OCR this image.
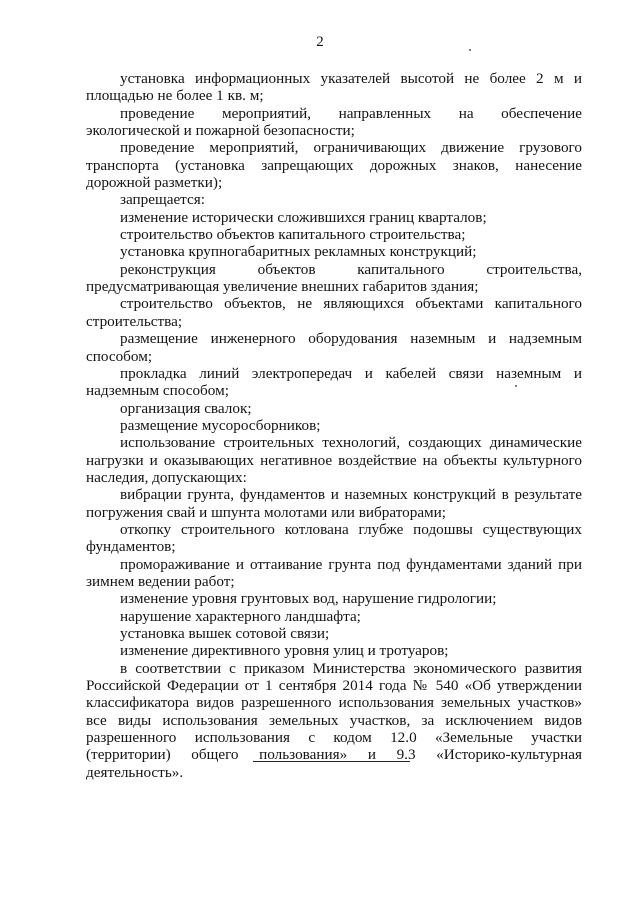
2

установка информационных указателей высотой не более 2 м и площадью не более 1 кв. м;

проведение мероприятий, направленных на обеспечение экологической и пожарной безопасности;

проведение мероприятий, ограничивающих движение грузового транспорта (установка запрещающих дорожных знаков, нанесение дорожной разметки);

запрещается:

изменение исторически сложившихся границ кварталов;

строительство объектов капитального строительства;

установка крупногабаритных рекламных конструкций;

реконструкция объектов капитального строительства, предусматривающая увеличение внешних габаритов здания;

строительство объектов, не являющихся объектами капитального строительства;

размещение инженерного оборудования наземным и надземным способом;

прокладка линий электропередач и кабелей связи наземным и надземным способом;

организация свалок;

размещение мусоросборников;

использование строительных технологий, создающих динамические нагрузки и оказывающих негативное воздействие на объекты культурного наследия, допускающих:

вибрации грунта, фундаментов и наземных конструкций в результате погружения свай и шпунта молотами или вибраторами;

откопку строительного котлована глубже подошвы существующих фундаментов;

промораживание и оттаивание грунта под фундаментами зданий при зимнем ведении работ;

изменение уровня грунтовых вод, нарушение гидрологии;

нарушение характерного ландшафта;

установка вышек сотовой связи;

изменение директивного уровня улиц и тротуаров;

в соответствии с приказом Министерства экономического развития Российской Федерации от 1 сентября 2014 года № 540 «Об утверждении классификатора видов разрешенного использования земельных участков» все виды использования земельных участков, за исключением видов разрешенного использования с кодом 12.0 «Земельные участки (территории) общего пользования» и 9.3 «Историко-культурная деятельность».
